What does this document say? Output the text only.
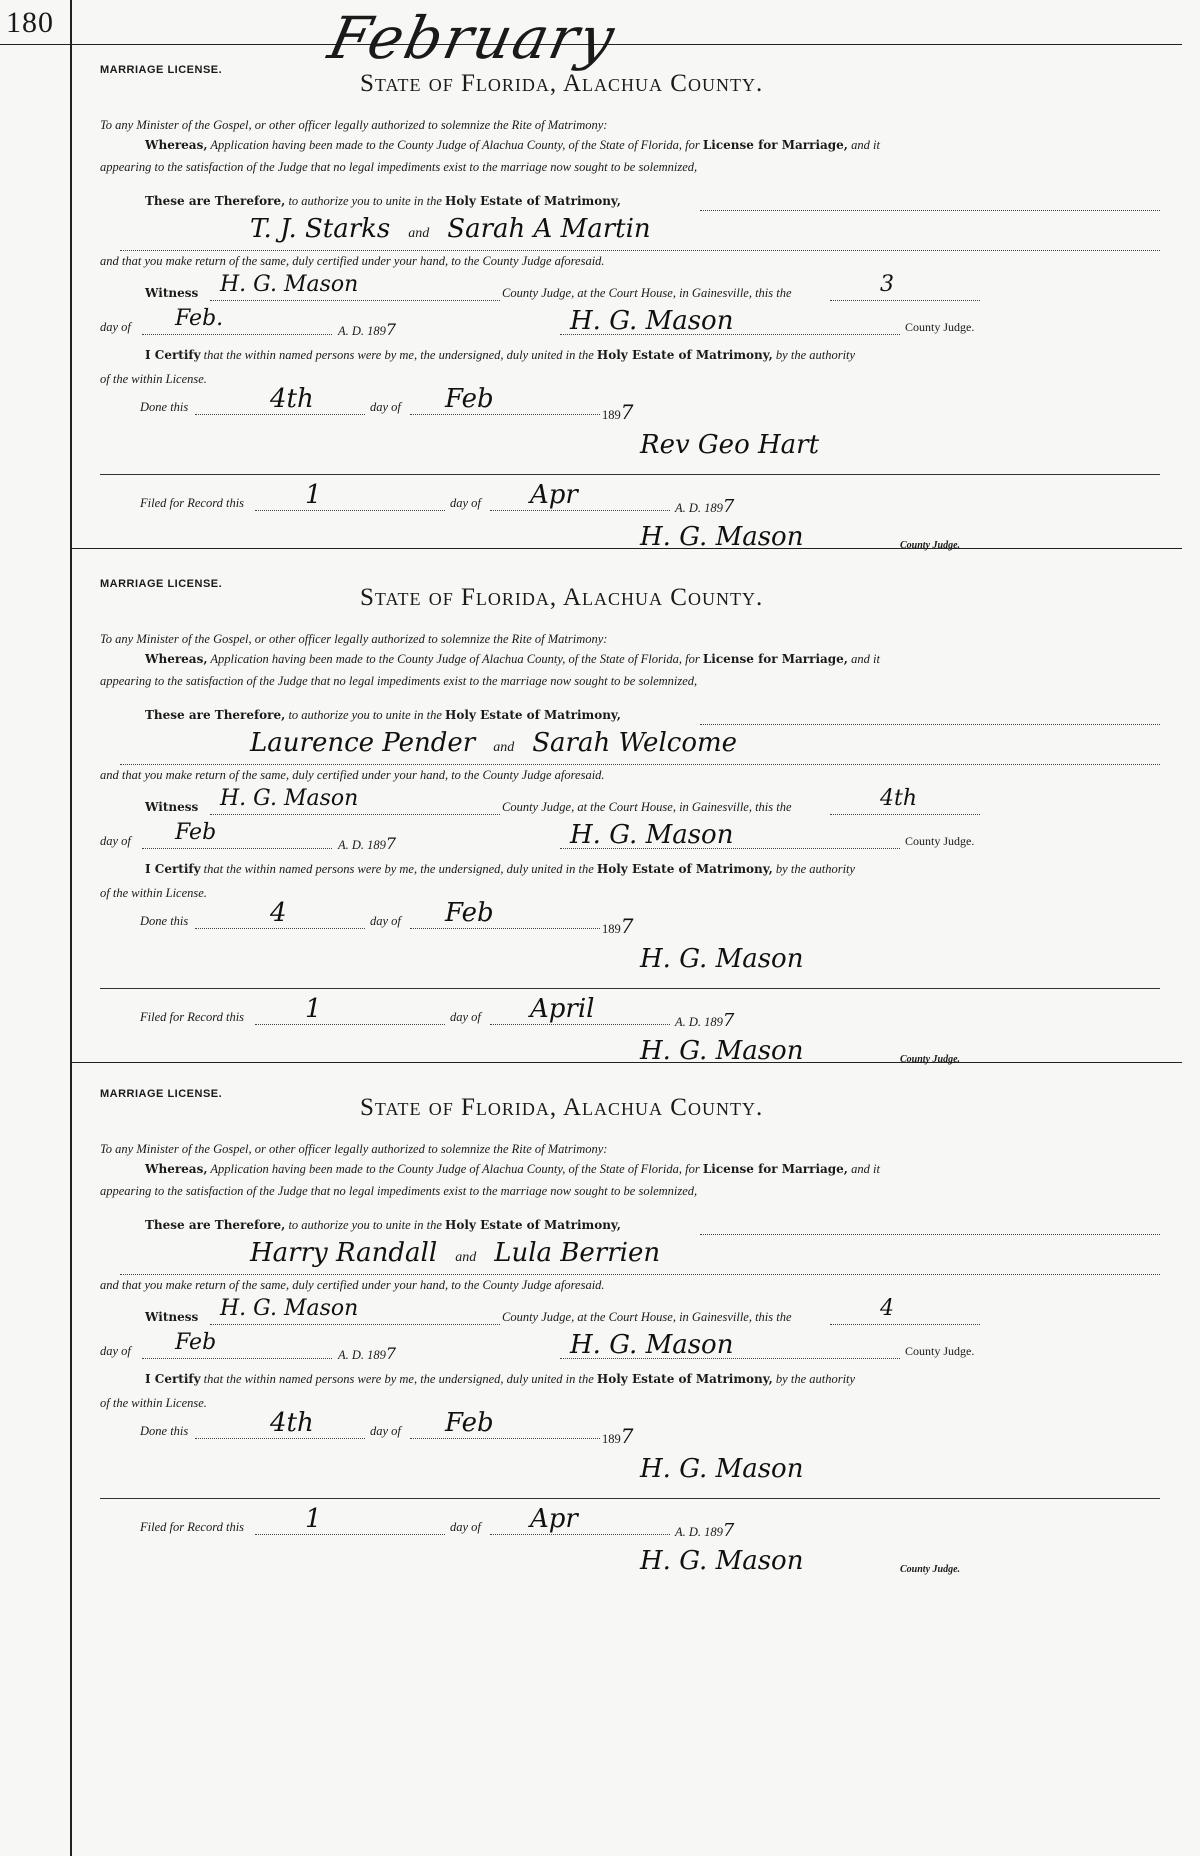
180	February
MARRIAGE LICENSE.	State of Florida, Alachua County.
To any Minister of the Gospel, or other officer legally authorized to solemnize the Rite of Matrimony:
Whereas, Application having been made to the County Judge of Alachua County, of the State of Florida, for License for Marriage, and it
appearing to the satisfaction of the Judge that no legal impediments exist to the marriage now sought to be solemnized,
These are Therefore, to authorize you to unite in the Holy Estate of Matrimony,
T. J. Starks and Sarah A Martin
and that you make return of the same, duly certified under your hand, to the County Judge aforesaid.
Witness H. G. Mason	County Judge, at the Court House, in Gainesville, this the	3
day of Feb.	A. D. 1897	H. G. Mason	County Judge.
I Certify that the within named persons were by me, the undersigned, duly united in the Holy Estate of Matrimony, by the authority
of the within License.
Done this	4th	day of Feb
1897
Rev Geo Hart
Filed for Record this 1	day of Apr	A. D. 1897
H. G. Mason	County Judge.
MARRIAGE LICENSE.	State of Florida, Alachua County.
To any Minister of the Gospel, or other officer legally authorized to solemnize the Rite of Matrimony:
Whereas, Application having been made to the County Judge of Alachua County, of the State of Florida, for License for Marriage, and it
appearing to the satisfaction of the Judge that no legal impediments exist to the marriage now sought to be solemnized,
These are Therefore, to authorize you to unite in the Holy Estate of Matrimony,
Laurence Pender and Sarah Welcome
and that you make return of the same, duly certified under your hand, to the County Judge aforesaid.
Witness H. G. Mason	County Judge, at the Court House, in Gainesville, this the	4th
day of Feb	A. D. 1897	H. G. Mason	County Judge.
I Certify that the within named persons were by me, the undersigned, duly united in the Holy Estate of Matrimony, by the authority
of the within License.
Done this	4	day of Feb
1897
H. G. Mason
Filed for Record this 1	day of April	A. D. 1897
H. G. Mason	County Judge.
MARRIAGE LICENSE.	State of Florida, Alachua County.
To any Minister of the Gospel, or other officer legally authorized to solemnize the Rite of Matrimony:
Whereas, Application having been made to the County Judge of Alachua County, of the State of Florida, for License for Marriage, and it
appearing to the satisfaction of the Judge that no legal impediments exist to the marriage now sought to be solemnized,
These are Therefore, to authorize you to unite in the Holy Estate of Matrimony,
Harry Randall and Lula Berrien
and that you make return of the same, duly certified under your hand, to the County Judge aforesaid.
Witness H. G. Mason	County Judge, at the Court House, in Gainesville, this the	4
day of Feb	A. D. 1897	H. G. Mason	County Judge.
I Certify that the within named persons were by me, the undersigned, duly united in the Holy Estate of Matrimony, by the authority
of the within License.
Done this	4th	day of Feb
1897
H. G. Mason
Filed for Record this 1	day of Apr	A. D. 1897
H. G. Mason	County Judge.
